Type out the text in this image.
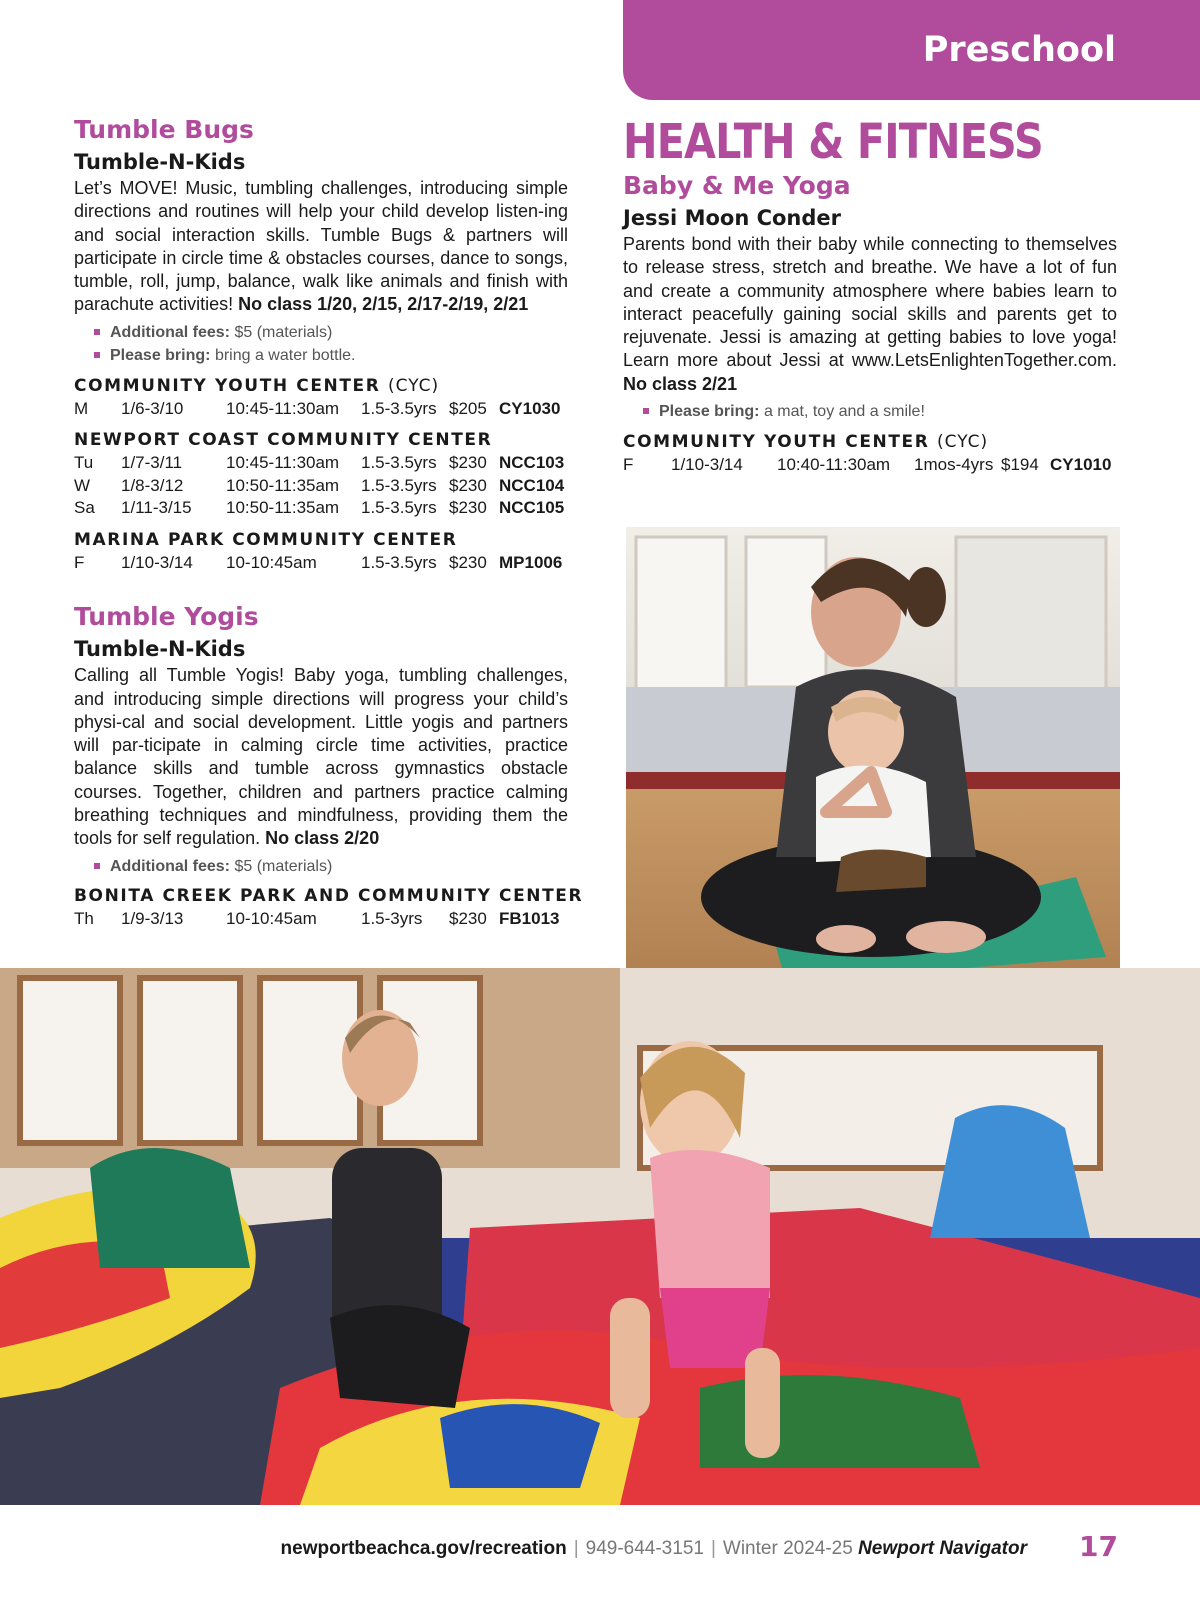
Preschool
Tumble Bugs
Tumble-N-Kids

Let’s MOVE! Music, tumbling challenges, introducing simple directions and routines will help your child develop listen-ing and social interaction skills. Tumble Bugs & partners will participate in circle time & obstacles courses, dance to songs, tumble, roll, jump, balance, walk like animals and finish with parachute activities! No class 1/20, 2/15, 2/17-2/19, 2/21

Additional fees: $5 (materials)
Please bring: bring a water bottle.
COMMUNITY YOUTH CENTER (CYC)
M	1/6-3/10	10:45-11:30am	1.5-3.5yrs $205 CY1030
NEWPORT COAST COMMUNITY CENTER
Tu	1/7-3/11	10:45-11:30am	1.5-3.5yrs $230 NCC103
W	1/8-3/12	10:50-11:35am	1.5-3.5yrs $230 NCC104
Sa	1/11-3/15	10:50-11:35am	1.5-3.5yrs $230 NCC105
MARINA PARK COMMUNITY CENTER
F	1/10-3/14	10-10:45am	1.5-3.5yrs $230 MP1006
Tumble Yogis
Tumble-N-Kids

Calling all Tumble Yogis! Baby yoga, tumbling challenges, and introducing simple directions will progress your child’s physi-cal and social development. Little yogis and partners will par-ticipate in calming circle time activities, practice balance skills and tumble across gymnastics obstacle courses. Together, children and partners practice calming breathing techniques and mindfulness, providing them the tools for self regulation. No class 2/20

Additional fees: $5 (materials)
BONITA CREEK PARK AND COMMUNITY CENTER
Th	1/9-3/13	10-10:45am	1.5-3yrs	$230 FB1013
HEALTH & FITNESS
Baby & Me Yoga
Jessi Moon Conder

Parents bond with their baby while connecting to themselves to release stress, stretch and breathe. We have a lot of fun and create a community atmosphere where babies learn to interact peacefully gaining social skills and parents get to rejuvenate. Jessi is amazing at getting babies to love yoga! Learn more about Jessi at www.LetsEnlightenTogether.com. No class 2/21

Please bring: a mat, toy and a smile!
COMMUNITY YOUTH CENTER (CYC)
F	1/10-3/14	10:40-11:30am	1mos-4yrs $194 CY1010
newportbeachca.gov/recreation | 949-644-3151 | Winter 2024-25 Newport Navigator 17
